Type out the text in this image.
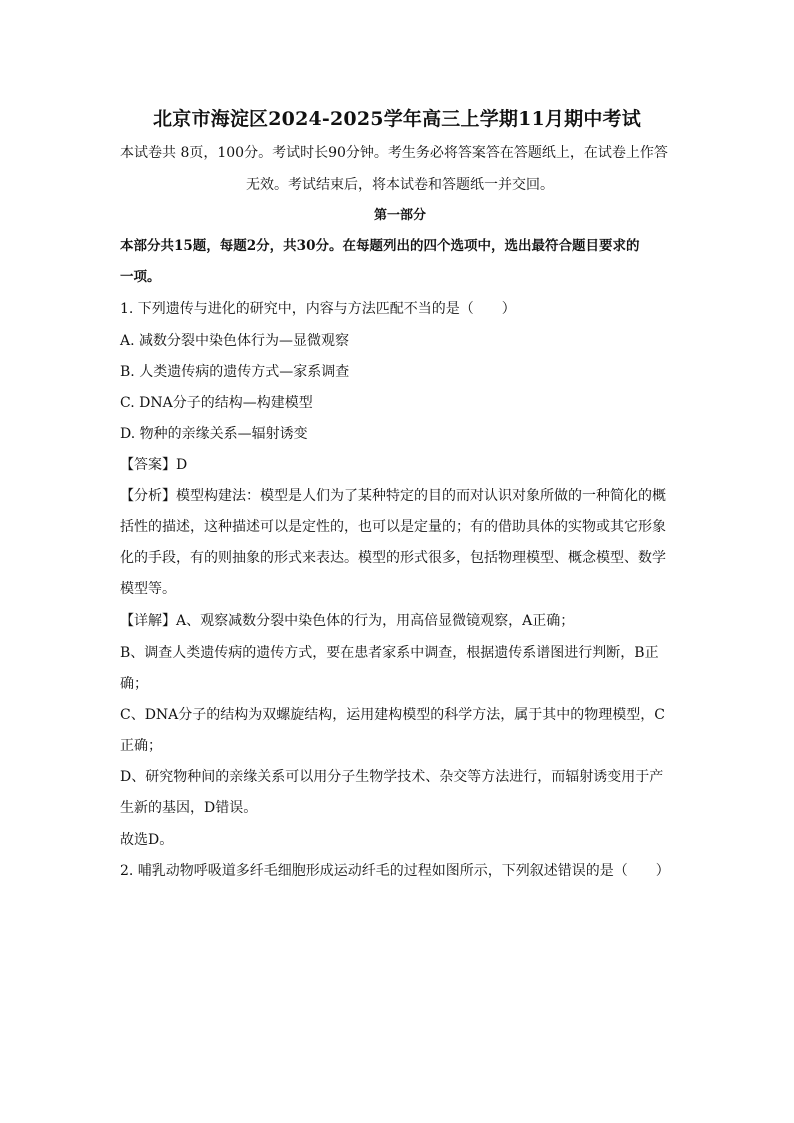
北京市海淀区2024-2025学年高三上学期11月期中考试
本试卷共 8页，100分。考试时长90分钟。考生务必将答案答在答题纸上，在试卷上作答
无效。考试结束后，将本试卷和答题纸一并交回。
第一部分
本部分共15题，每题2分，共30分。在每题列出的四个选项中，选出最符合题目要求的
一项。
1. 下列遗传与进化的研究中，内容与方法匹配不当的是（　　）
A. 减数分裂中染色体行为—显微观察
B. 人类遗传病的遗传方式—家系调查
C. DNA分子的结构—构建模型
D. 物种的亲缘关系—辐射诱变
【答案】D
【分析】模型构建法：模型是人们为了某种特定的目的而对认识对象所做的一种简化的概
括性的描述，这种描述可以是定性的，也可以是定量的；有的借助具体的实物或其它形象
化的手段，有的则抽象的形式来表达。模型的形式很多，包括物理模型、概念模型、数学
模型等。
【详解】A、观察减数分裂中染色体的行为，用高倍显微镜观察，A正确；
B、调查人类遗传病的遗传方式，要在患者家系中调查，根据遗传系谱图进行判断，B正
确；
C、DNA分子的结构为双螺旋结构，运用建构模型的科学方法，属于其中的物理模型，C
正确；
D、研究物种间的亲缘关系可以用分子生物学技术、杂交等方法进行，而辐射诱变用于产
生新的基因，D错误。
故选D。
2. 哺乳动物呼吸道多纤毛细胞形成运动纤毛的过程如图所示，下列叙述错误的是（　　）
